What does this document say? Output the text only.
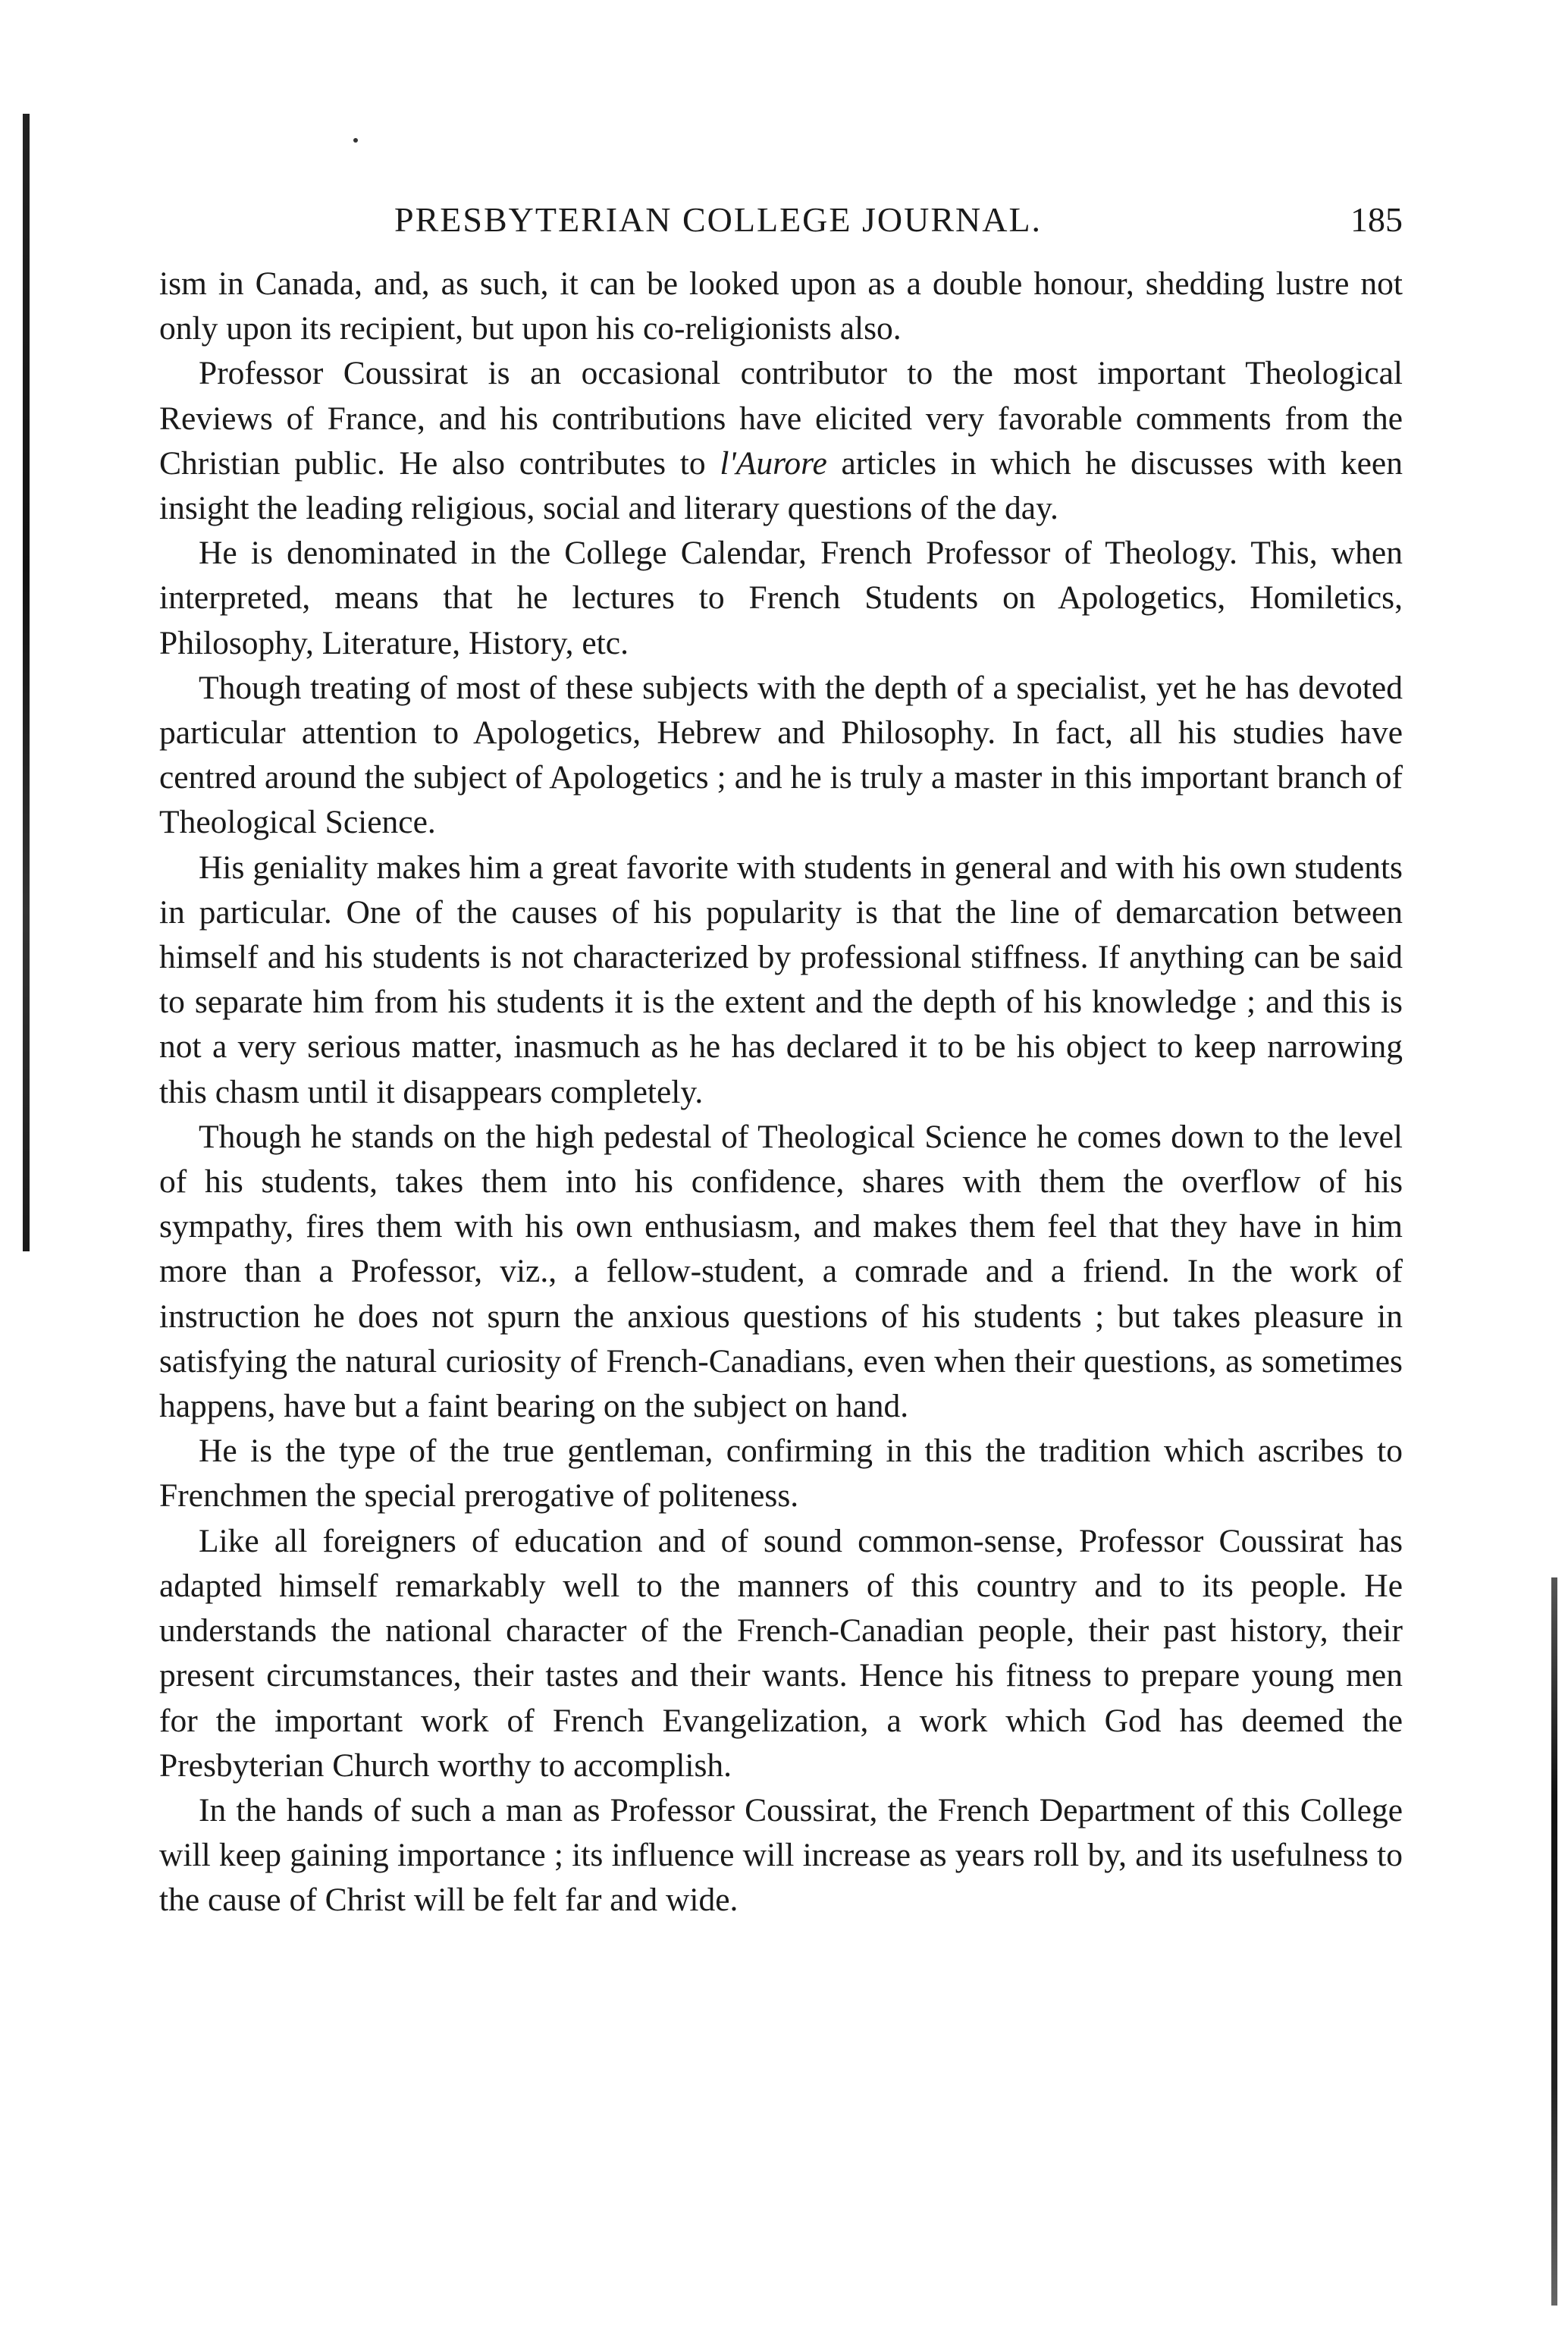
PRESBYTERIAN COLLEGE JOURNAL.	185

ism in Canada, and, as such, it can be looked upon as a double honour, shedding lustre not only upon its recipient, but upon his co-religionists also.

Professor Coussirat is an occasional contributor to the most important Theological Reviews of France, and his contributions have elicited very favorable comments from the Christian public. He also contributes to l'Aurore articles in which he discusses with keen insight the leading religious, social and literary questions of the day.

He is denominated in the College Calendar, French Professor of Theology. This, when interpreted, means that he lectures to French Students on Apologetics, Homiletics, Philosophy, Literature, History, etc.

Though treating of most of these subjects with the depth of a specialist, yet he has devoted particular attention to Apologetics, Hebrew and Philosophy. In fact, all his studies have centred around the subject of Apologetics ; and he is truly a master in this important branch of Theological Science.

His geniality makes him a great favorite with students in general and with his own students in particular. One of the causes of his popularity is that the line of demarcation between himself and his students is not characterized by professional stiffness. If anything can be said to separate him from his students it is the extent and the depth of his knowledge ; and this is not a very serious matter, inasmuch as he has declared it to be his object to keep narrowing this chasm until it disappears completely.

Though he stands on the high pedestal of Theological Science he comes down to the level of his students, takes them into his confidence, shares with them the overflow of his sympathy, fires them with his own enthusiasm, and makes them feel that they have in him more than a Professor, viz., a fellow-student, a comrade and a friend. In the work of instruction he does not spurn the anxious questions of his students ; but takes pleasure in satisfying the natural curiosity of French-Canadians, even when their questions, as sometimes happens, have but a faint bearing on the subject on hand.

He is the type of the true gentleman, confirming in this the tradition which ascribes to Frenchmen the special prerogative of politeness.

Like all foreigners of education and of sound common-sense, Professor Coussirat has adapted himself remarkably well to the manners of this country and to its people. He understands the national character of the French-Canadian people, their past history, their present circumstances, their tastes and their wants. Hence his fitness to prepare young men for the important work of French Evangelization, a work which God has deemed the Presbyterian Church worthy to accomplish.

In the hands of such a man as Professor Coussirat, the French Department of this College will keep gaining importance ; its influence will increase as years roll by, and its usefulness to the cause of Christ will be felt far and wide.
